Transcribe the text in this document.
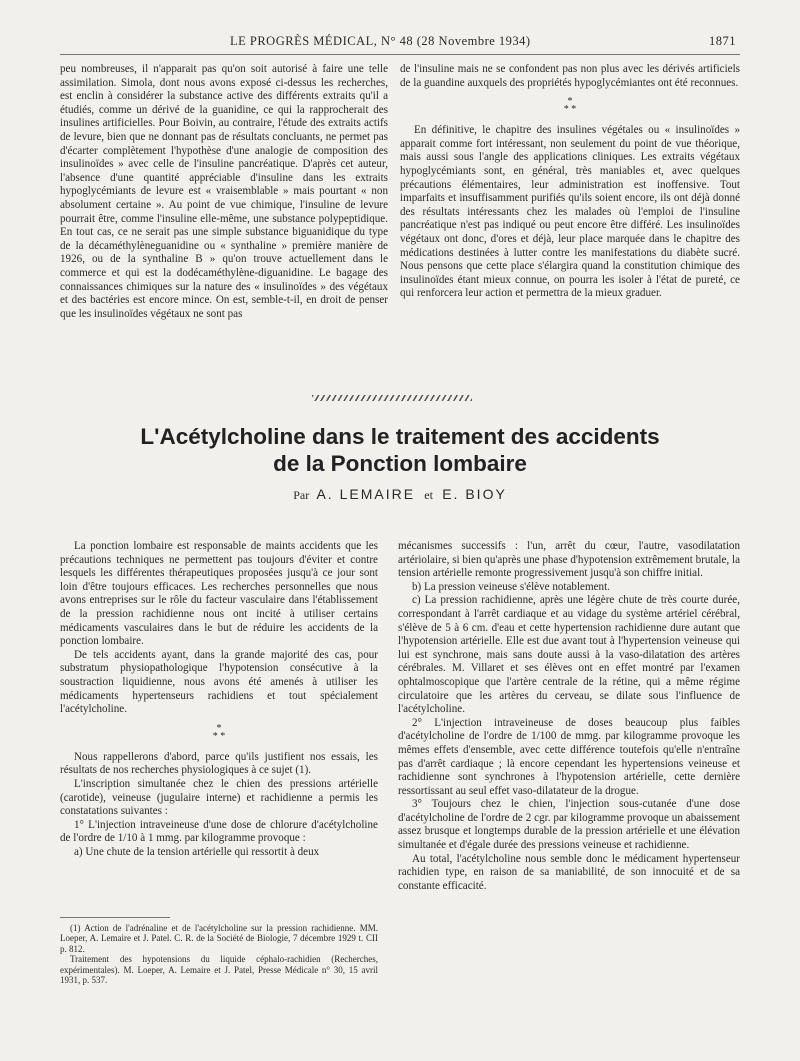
LE PROGRÈS MÉDICAL, N° 48 (28 Novembre 1934)	1871

peu nombreuses, il n'apparait pas qu'on soit autorisé à faire une telle assimilation. Simola, dont nous avons exposé ci-dessus les recherches, est enclin à considérer la substance active des différents extraits qu'il a étudiés, comme un dérivé de la guanidine, ce qui la rapprocherait des insulines artificielles. Pour Boivin, au contraire, l'étude des extraits actifs de levure, bien que ne donnant pas de résultats concluants, ne permet pas d'écarter complètement l'hypothèse d'une analogie de composition des insulinoïdes » avec celle de l'insuline pancréatique. D'après cet auteur, l'absence d'une quantité appréciable d'insuline dans les extraits hypoglycémiants de levure est « vraisemblable » mais pourtant « non absolument certaine ». Au point de vue chimique, l'insuline de levure pourrait être, comme l'insuline elle-même, une substance polypeptidique. En tout cas, ce ne serait pas une simple substance biguanidique du type de la décaméthylèneguanidine ou « synthaline » première manière de 1926, ou de la synthaline B » qu'on trouve actuellement dans le commerce et qui est la dodécaméthylène-diguanidine. Le bagage des connaissances chimiques sur la nature des « insulinoïdes » des végétaux et des bactéries est encore mince. On est, semble-t-il, en droit de penser que les insulinoïdes végétaux ne sont pas

de l'insuline mais ne se confondent pas non plus avec les dérivés artificiels de la guandine auxquels des propriétés hypoglycémiantes ont été reconnues.

*
* *

En définitive, le chapitre des insulines végétales ou « insulinoïdes » apparait comme fort intéressant, non seulement du point de vue théorique, mais aussi sous l'angle des applications cliniques. Les extraits végétaux hypoglycémiants sont, en général, très maniables et, avec quelques précautions élémentaires, leur administration est inoffensive. Tout imparfaits et insuffisamment purifiés qu'ils soient encore, ils ont déjà donné des résultats intéressants chez les malades où l'emploi de l'insuline pancréatique n'est pas indiqué ou peut encore être différé. Les insulinoïdes végétaux ont donc, d'ores et déjà, leur place marquée dans le chapitre des médications destinées à lutter contre les manifestations du diabète sucré. Nous pensons que cette place s'élargira quand la constitution chimique des insulinoïdes étant mieux connue, on pourra les isoler à l'état de pureté, ce qui renforcera leur action et permettra de la mieux graduer.

L'Acétylcholine dans le traitement des accidents
de la Ponction lombaire
Par A. LEMAIRE et E. BIOY

La ponction lombaire est responsable de maints accidents que les précautions techniques ne permettent pas toujours d'éviter et contre lesquels les différentes thérapeutiques proposées jusqu'à ce jour sont loin d'être toujours efficaces. Les recherches personnelles que nous avons entreprises sur le rôle du facteur vasculaire dans l'établissement de la pression rachidienne nous ont incité à utiliser certains médicaments vasculaires dans le but de réduire les accidents de la ponction lombaire.

De tels accidents ayant, dans la grande majorité des cas, pour substratum physiopathologique l'hypotension consécutive à la soustraction liquidienne, nous avons été amenés à utiliser les médicaments hypertenseurs rachidiens et tout spécialement l'acétylcholine.

*
* *

Nous rappellerons d'abord, parce qu'ils justifient nos essais, les résultats de nos recherches physiologiques à ce sujet (1).

L'inscription simultanée chez le chien des pressions artérielle (carotide), veineuse (jugulaire interne) et rachidienne a permis les constatations suivantes :

1° L'injection intraveineuse d'une dose de chlorure d'acétylcholine de l'ordre de 1/10 à 1 mmg. par kilogramme provoque :

a) Une chute de la tension artérielle qui ressortit à deux

(1) Action de l'adrénaline et de l'acétylcholine sur la pression rachidienne. MM. Loeper, A. Lemaire et J. Patel. C. R. de la Société de Biologie, 7 décembre 1929 t. CII p. 812.

Traitement des hypotensions du liquide céphalo-rachidien (Recherches, expérimentales). M. Loeper, A. Lemaire et J. Patel, Presse Médicale n° 30, 15 avril 1931, p. 537.

mécanismes successifs : l'un, arrêt du cœur, l'autre, vasodilatation artériolaire, si bien qu'après une phase d'hypotension extrêmement brutale, la tension artérielle remonte progressivement jusqu'à son chiffre initial.

b) La pression veineuse s'élève notablement.

c) La pression rachidienne, après une légère chute de très courte durée, correspondant à l'arrêt cardiaque et au vidage du système artériel cérébral, s'élève de 5 à 6 cm. d'eau et cette hypertension rachidienne dure autant que l'hypotension artérielle. Elle est due avant tout à l'hypertension veineuse qui lui est synchrone, mais sans doute aussi à la vaso-dilatation des artères cérébrales. M. Villaret et ses élèves ont en effet montré par l'examen ophtalmoscopique que l'artère centrale de la rétine, qui a même régime circulatoire que les artères du cerveau, se dilate sous l'influence de l'acétylcholine.

2° L'injection intraveineuse de doses beaucoup plus faibles d'acétylcholine de l'ordre de 1/100 de mmg. par kilogramme provoque les mêmes effets d'ensemble, avec cette différence toutefois qu'elle n'entraîne pas d'arrêt cardiaque ; là encore cependant les hypertensions veineuse et rachidienne sont synchrones à l'hypotension artérielle, cette dernière ressortissant au seul effet vaso-dilatateur de la drogue.

3° Toujours chez le chien, l'injection sous-cutanée d'une dose d'acétylcholine de l'ordre de 2 cgr. par kilogramme provoque un abaissement assez brusque et longtemps durable de la pression artérielle et une élévation simultanée et d'égale durée des pressions veineuse et rachidienne.

Au total, l'acétylcholine nous semble donc le médicament hypertenseur rachidien type, en raison de sa maniabilité, de son innocuité et de sa constante efficacité.
